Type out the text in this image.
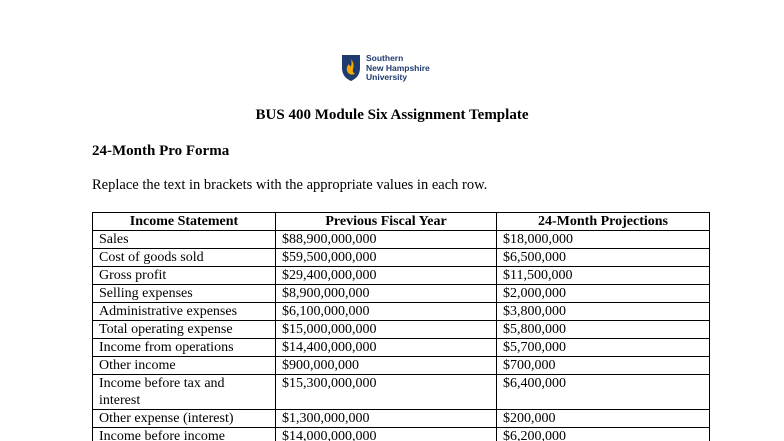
Southern
New Hampshire
University
BUS 400 Module Six Assignment Template
24-Month Pro Forma
Replace the text in brackets with the appropriate values in each row.
Income Statement	Previous Fiscal Year	24-Month Projections
Sales	$88,900,000,000	$18,000,000
Cost of goods sold	$59,500,000,000	$6,500,000
Gross profit	$29,400,000,000	$11,500,000
Selling expenses	$8,900,000,000	$2,000,000
Administrative expenses	$6,100,000,000	$3,800,000
Total operating expense	$15,000,000,000	$5,800,000
Income from operations	$14,400,000,000	$5,700,000
Other income	$900,000,000	$700,000
Income before tax and interest	$15,300,000,000	$6,400,000
Other expense (interest)	$1,300,000,000	$200,000
Income before income	$14,000,000,000	$6,200,000
